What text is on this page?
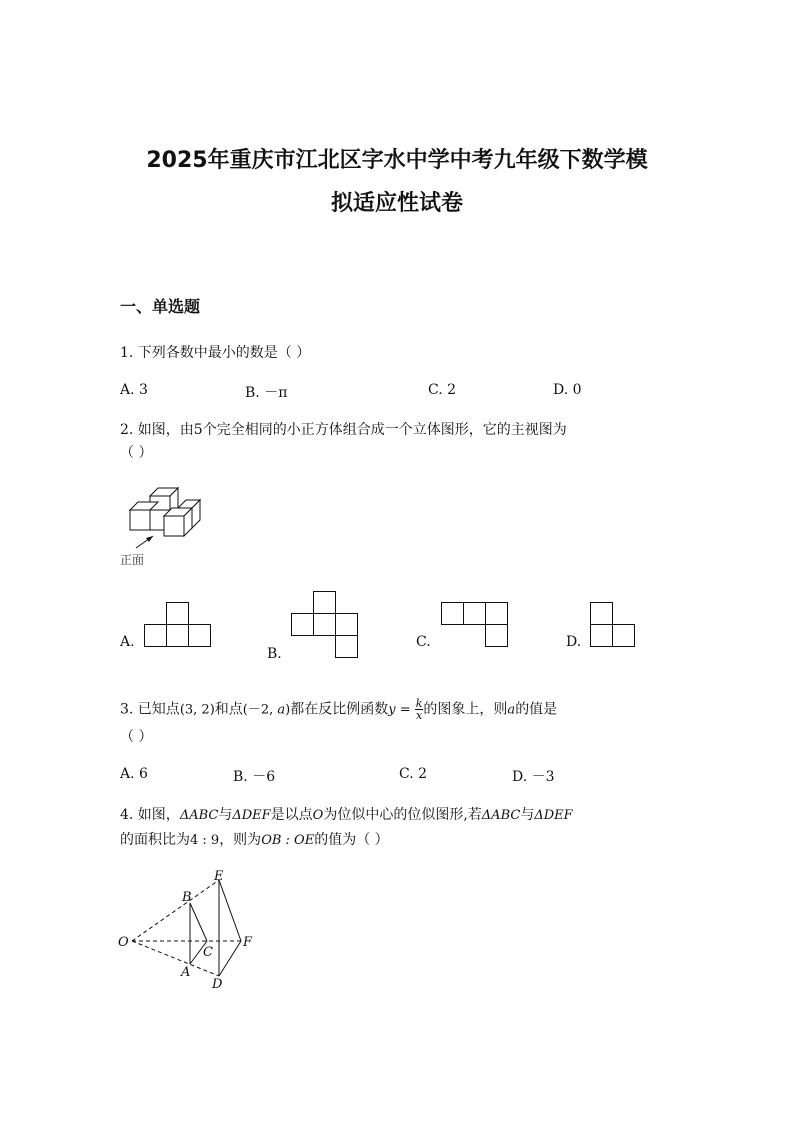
2025年重庆市江北区字水中学中考九年级下数学模
拟适应性试卷
一、单选题
1. 下列各数中最小的数是（ ）
A. 3	B. －π	C. 2	D. 0
2. 如图，由5个完全相同的小正方体组合成一个立体图形，它的主视图为
（ ）
正面
A.
B.
C.	D.
3. 已知点(3, 2)和点(－2, a)都在反比例函数$y = \frac{k}{x}$ 的图象上，则a的值是
（ ）
A. 6	B. －6	C. 2	D. －3
4. 如图，ΔABC与ΔDEF是以点O为位似中心的位似图形,若ΔABC与ΔDEF
的面积比为4 : 9，则为OB : OE的值为（ ）
O
B
C
A
E
F
D
